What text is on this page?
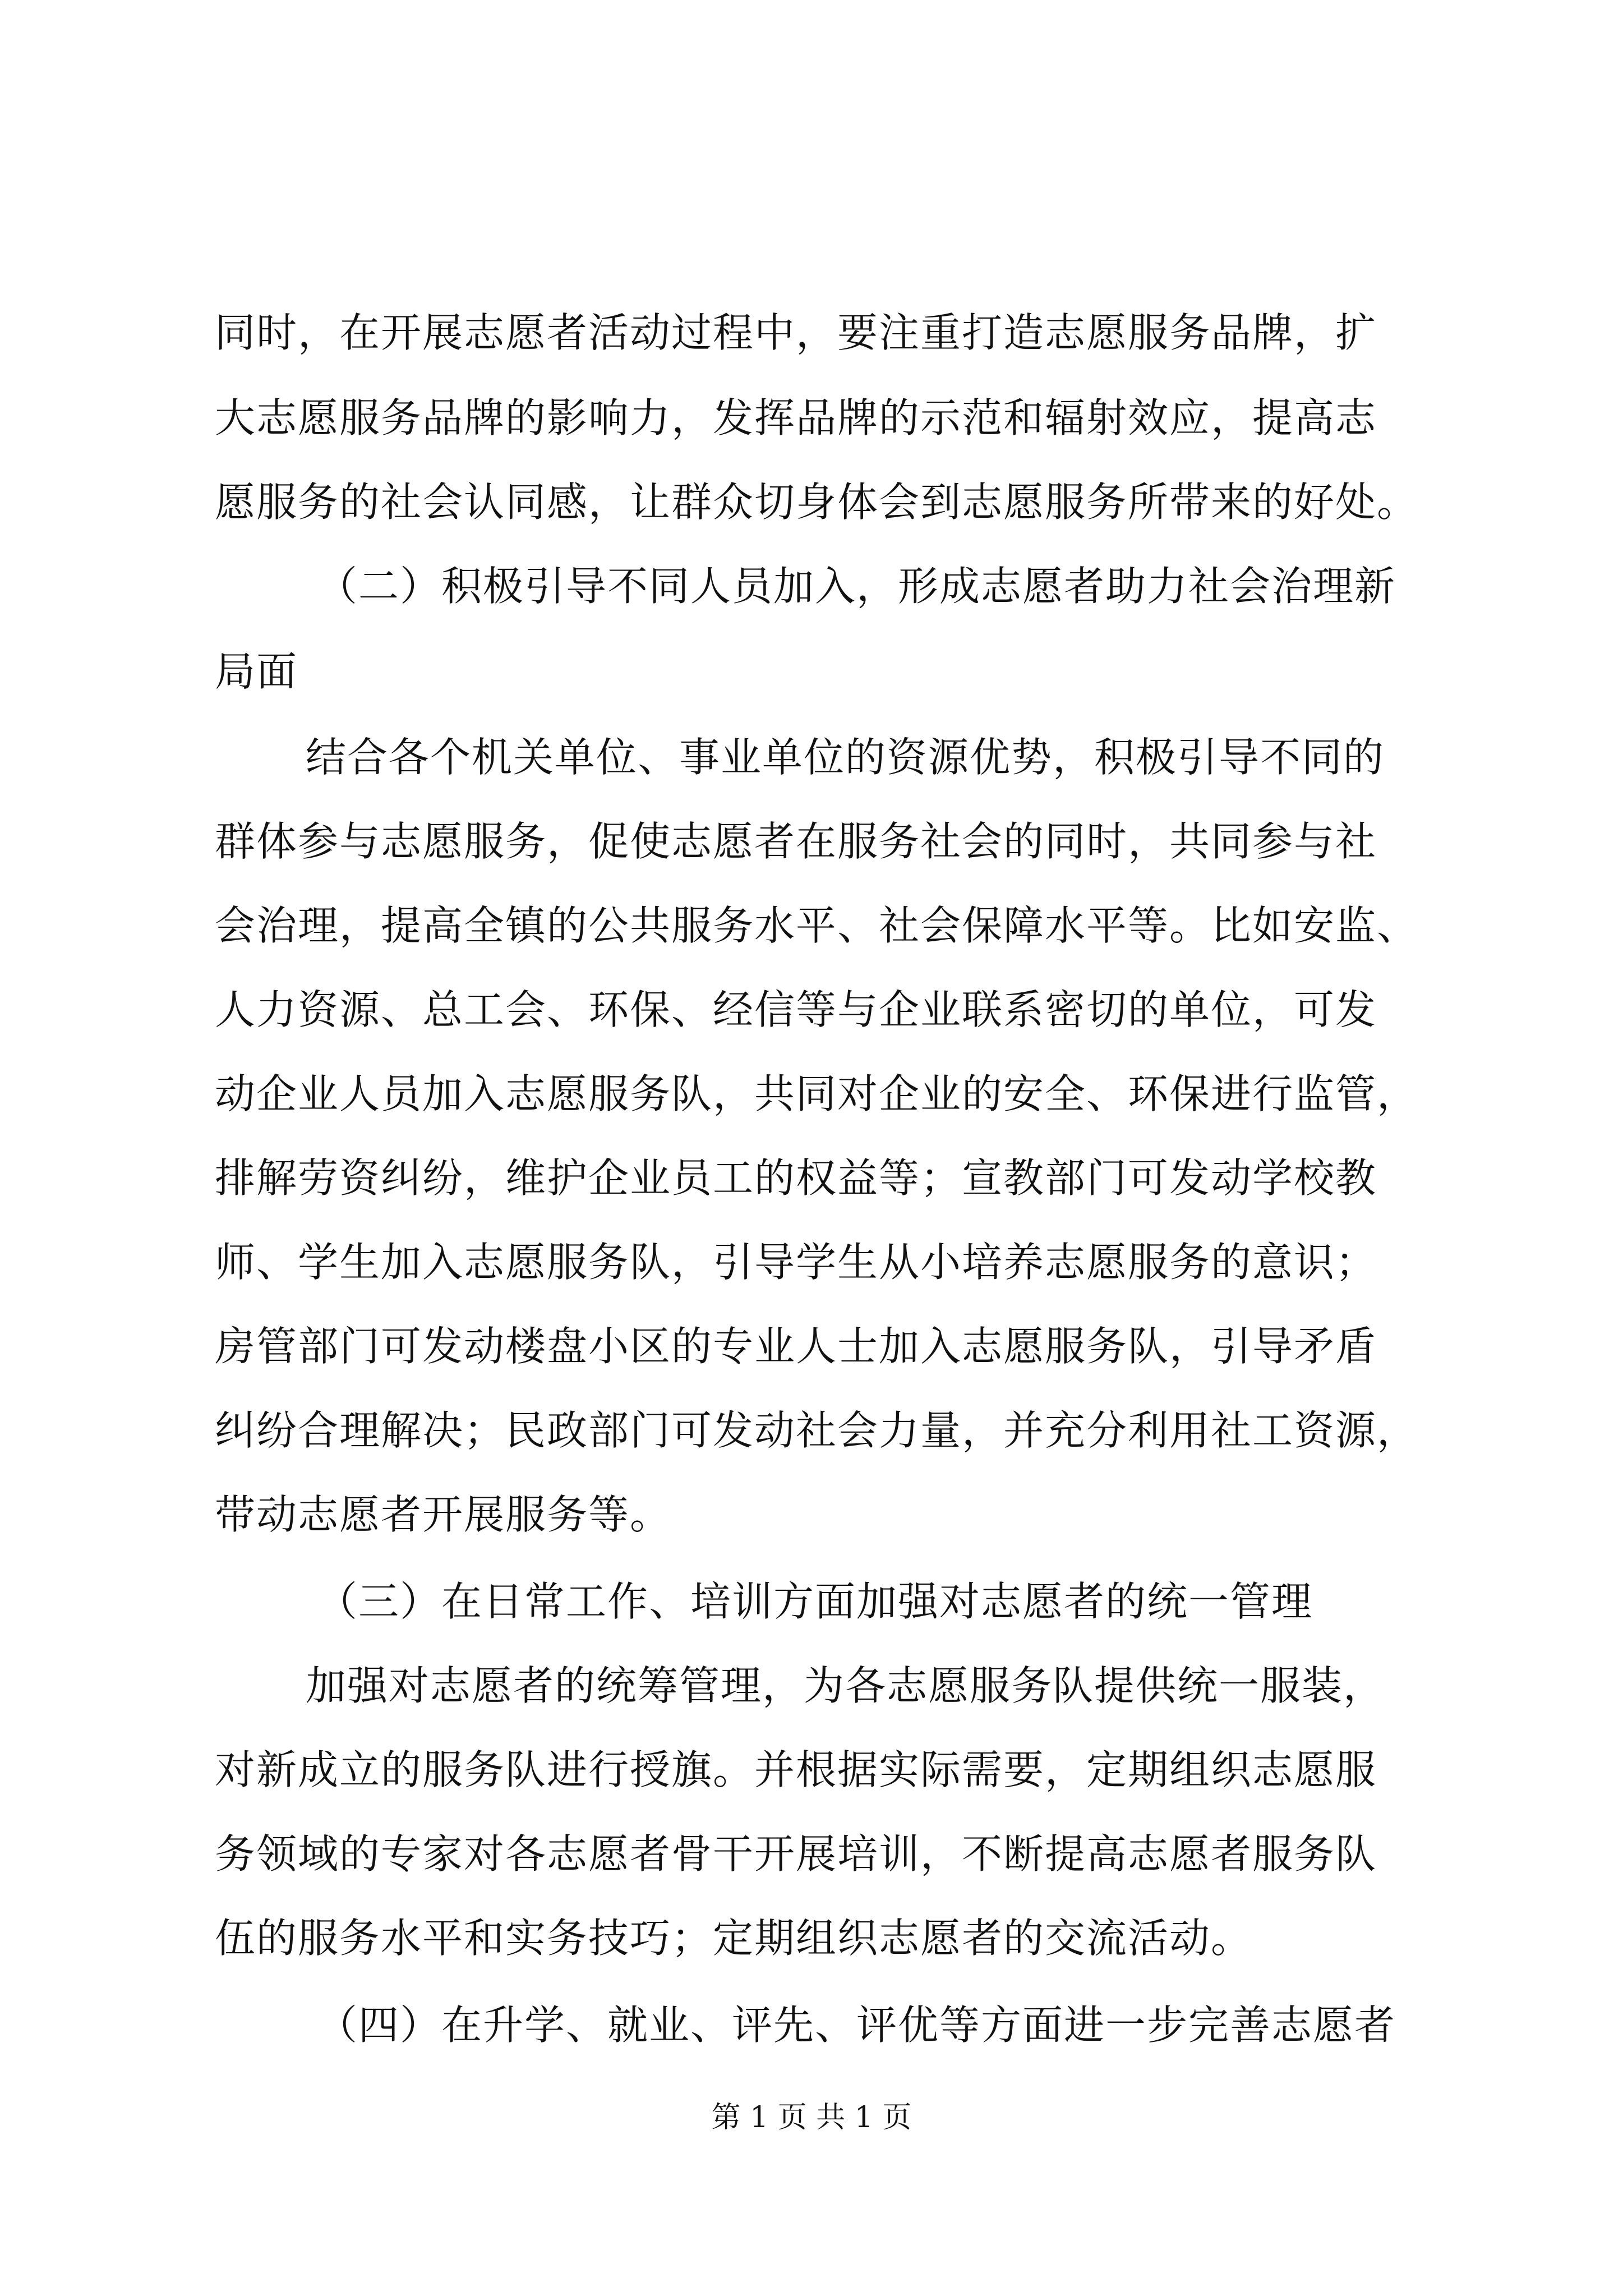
同时，在开展志愿者活动过程中，要注重打造志愿服务品牌，扩
大志愿服务品牌的影响力，发挥品牌的示范和辐射效应，提高志
愿服务的社会认同感，让群众切身体会到志愿服务所带来的好处。
（二）积极引导不同人员加入，形成志愿者助力社会治理新
局面
结合各个机关单位、事业单位的资源优势，积极引导不同的
群体参与志愿服务，促使志愿者在服务社会的同时，共同参与社
会治理，提高全镇的公共服务水平、社会保障水平等。比如安监、
人力资源、总工会、环保、经信等与企业联系密切的单位，可发
动企业人员加入志愿服务队，共同对企业的安全、环保进行监管，
排解劳资纠纷，维护企业员工的权益等；宣教部门可发动学校教
师、学生加入志愿服务队，引导学生从小培养志愿服务的意识；
房管部门可发动楼盘小区的专业人士加入志愿服务队，引导矛盾
纠纷合理解决；民政部门可发动社会力量，并充分利用社工资源，
带动志愿者开展服务等。
（三）在日常工作、培训方面加强对志愿者的统一管理
加强对志愿者的统筹管理，为各志愿服务队提供统一服装，
对新成立的服务队进行授旗。并根据实际需要，定期组织志愿服
务领域的专家对各志愿者骨干开展培训，不断提高志愿者服务队
伍的服务水平和实务技巧；定期组织志愿者的交流活动。
（四）在升学、就业、评先、评优等方面进一步完善志愿者
第 1 页 共 1 页
